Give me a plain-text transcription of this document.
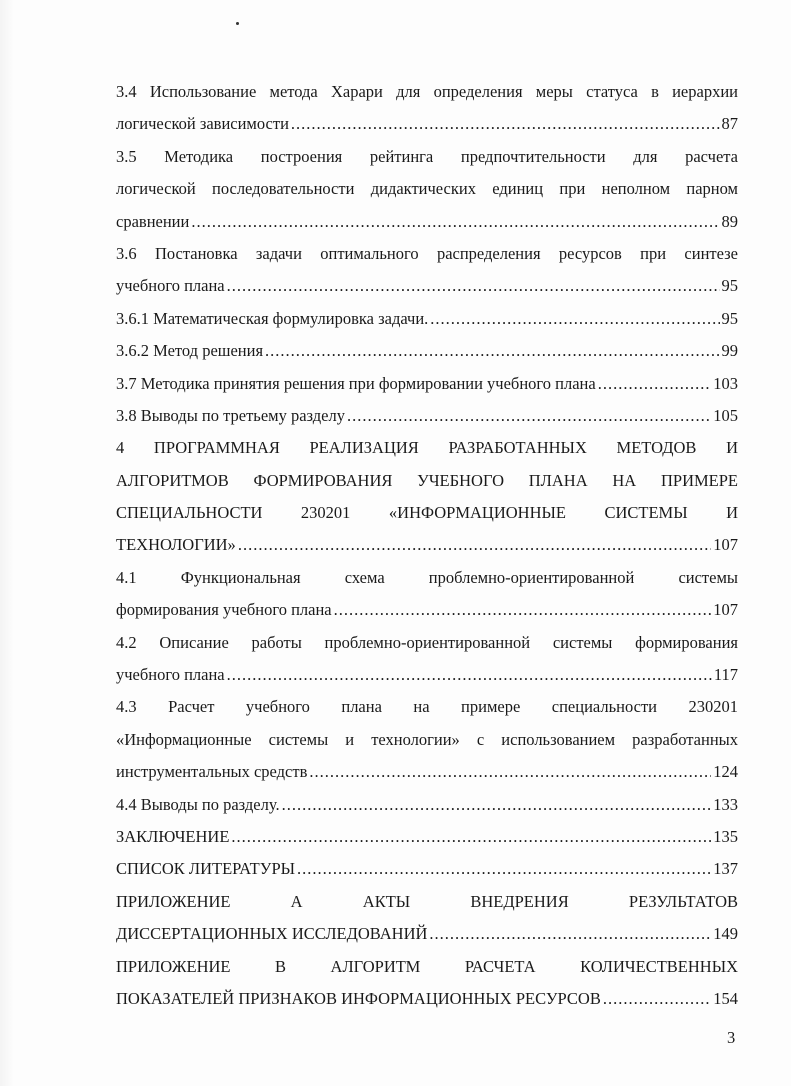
3.4 Использование метода Харари для определения меры статуса в иерархии
логической зависимости .....	87
3.5 Методика построения рейтинга предпочтительности для расчета
логической последовательности дидактических единиц при неполном парном
сравнении .....	89
3.6 Постановка задачи оптимального распределения ресурсов при синтезе
учебного плана .....	95
3.6.1 Математическая формулировка задачи. .....	95
3.6.2 Метод решения .....	99
3.7 Методика принятия решения при формировании учебного плана .....	103
3.8 Выводы по третьему разделу .....	105
4 ПРОГРАММНАЯ РЕАЛИЗАЦИЯ РАЗРАБОТАННЫХ МЕТОДОВ И
АЛГОРИТМОВ ФОРМИРОВАНИЯ УЧЕБНОГО ПЛАНА НА ПРИМЕРЕ
СПЕЦИАЛЬНОСТИ 230201 «ИНФОРМАЦИОННЫЕ СИСТЕМЫ И
ТЕХНОЛОГИИ» .....	107
4.1 Функциональная схема проблемно-ориентированной системы
формирования учебного плана .....	107
4.2 Описание работы проблемно-ориентированной системы формирования
учебного плана .....	117
4.3 Расчет учебного плана на примере специальности 230201
«Информационные системы и технологии» с использованием разработанных
инструментальных средств .....	124
4.4 Выводы по разделу. .....	133
ЗАКЛЮЧЕНИЕ .....	135
СПИСОК ЛИТЕРАТУРЫ .....	137
ПРИЛОЖЕНИЕ А АКТЫ ВНЕДРЕНИЯ РЕЗУЛЬТАТОВ
ДИССЕРТАЦИОННЫХ ИССЛЕДОВАНИЙ .....	149
ПРИЛОЖЕНИЕ В АЛГОРИТМ РАСЧЕТА КОЛИЧЕСТВЕННЫХ
ПОКАЗАТЕЛЕЙ ПРИЗНАКОВ ИНФОРМАЦИОННЫХ РЕСУРСОВ .....	154
3
